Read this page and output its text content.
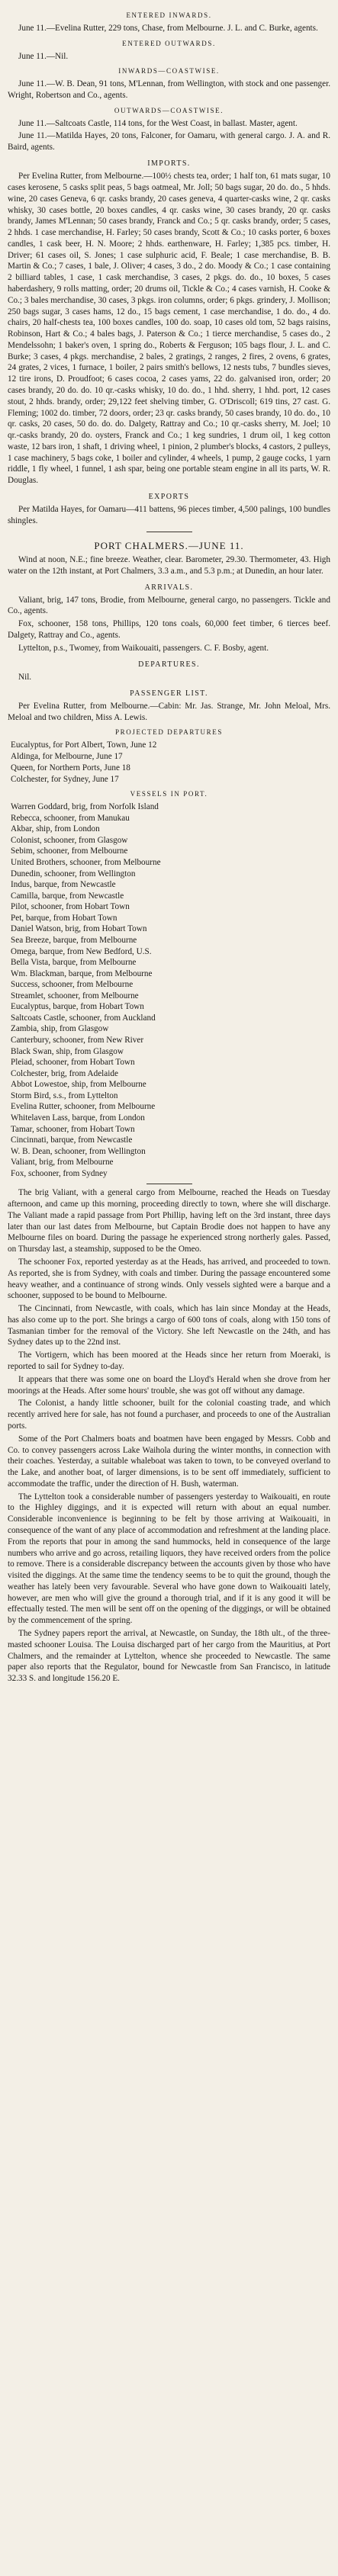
ENTERED INWARDS.

June 11.—Evelina Rutter, 229 tons, Chase, from Melbourne. J. L. and C. Burke, agents.

ENTERED OUTWARDS.

June 11.—Nil.

INWARDS—COASTWISE.

June 11.—W. B. Dean, 91 tons, M'Lennan, from Wellington, with stock and one passenger. Wright, Robertson and Co., agents.

OUTWARDS—COASTWISE.

June 11.—Saltcoats Castle, 114 tons, for the West Coast, in ballast. Master, agent.

June 11.—Matilda Hayes, 20 tons, Falconer, for Oamaru, with general cargo. J. A. and R. Baird, agents.

IMPORTS.

Per Evelina Rutter, from Melbourne.—100½ chests tea, order; 1 half ton, 61 mats sugar, 10 cases kerosene, 5 casks split peas, 5 bags oatmeal, Mr. Joll; 50 bags sugar, 20 do. do., 5 hhds. wine, 20 cases Geneva, 6 qr. casks brandy, 20 cases geneva, 4 quarter-casks wine, 2 qr. casks whisky, 30 cases bottle, 20 boxes candles, 4 qr. casks wine, 30 cases brandy, 20 qr. casks brandy, James M'Lennan; 50 cases brandy, Franck and Co.; 5 qr. casks brandy, order; 5 cases, 2 hhds. 1 case merchandise, H. Farley; 50 cases brandy, Scott & Co.; 10 casks porter, 6 boxes candles, 1 cask beer, H. N. Moore; 2 hhds. earthenware, H. Farley; 1,385 pcs. timber, H. Driver; 61 cases oil, S. Jones; 1 case sulphuric acid, F. Beale; 1 case merchandise, B. B. Martin & Co.; 7 cases, 1 bale, J. Oliver; 4 cases, 3 do., 2 do. Moody & Co.; 1 case containing 2 billiard tables, 1 case, 1 cask merchandise, 3 cases, 2 pkgs. do. do., 10 boxes, 5 cases haberdashery, 9 rolls matting, order; 20 drums oil, Tickle & Co.; 4 cases varnish, H. Cooke & Co.; 3 bales merchandise, 30 cases, 3 pkgs. iron columns, order; 6 pkgs. grindery, J. Mollison; 250 bags sugar, 3 cases hams, 12 do., 15 bags cement, 1 case merchandise, 1 do. do., 4 do. chairs, 20 half-chests tea, 100 boxes candles, 100 do. soap, 10 cases old tom, 52 bags raisins, Robinson, Hart & Co.; 4 bales bags, J. Paterson & Co.; 1 tierce merchandise, 5 cases do., 2 Mendelssohn; 1 baker's oven, 1 spring do., Roberts & Ferguson; 105 bags flour, J. L. and C. Burke; 3 cases, 4 pkgs. merchandise, 2 bales, 2 gratings, 2 ranges, 2 fires, 2 ovens, 6 grates, 24 grates, 2 vices, 1 furnace, 1 boiler, 2 pairs smith's bellows, 12 nests tubs, 7 bundles sieves, 12 tire irons, D. Proudfoot; 6 cases cocoa, 2 cases yams, 22 do. galvanised iron, order; 20 cases brandy, 20 do. do. 10 qr.-casks whisky, 10 do. do., 1 hhd. sherry, 1 hhd. port, 12 cases stout, 2 hhds. brandy, order; 29,122 feet shelving timber, G. O'Driscoll; 619 tins, 27 cast. G. Fleming; 1002 do. timber, 72 doors, order; 23 qr. casks brandy, 50 cases brandy, 10 do. do., 10 qr. casks, 20 cases, 50 do. do. do. Dalgety, Rattray and Co.; 10 qr.-casks sherry, M. Joel; 10 qr.-casks brandy, 20 do. oysters, Franck and Co.; 1 keg sundries, 1 drum oil, 1 keg cotton waste, 12 bars iron, 1 shaft, 1 driving wheel, 1 pinion, 2 plumber's blocks, 4 castors, 2 pulleys, 1 case machinery, 5 bags coke, 1 boiler and cylinder, 4 wheels, 1 pump, 2 gauge cocks, 1 yarn riddle, 1 fly wheel, 1 funnel, 1 ash spar, being one portable steam engine in all its parts, W. R. Douglas.

EXPORTS

Per Matilda Hayes, for Oamaru—411 battens, 96 pieces timber, 4,500 palings, 100 bundles shingles.

PORT CHALMERS.—JUNE 11.

Wind at noon, N.E.; fine breeze. Weather, clear. Barometer, 29.30. Thermometer, 43. High water on the 12th instant, at Port Chalmers, 3.3 a.m., and 5.3 p.m.; at Dunedin, an hour later.

ARRIVALS.

Valiant, brig, 147 tons, Brodie, from Melbourne, general cargo, no passengers. Tickle and Co., agents.

Fox, schooner, 158 tons, Phillips, 120 tons coals, 60,000 feet timber, 6 tierces beef. Dalgety, Rattray and Co., agents.

Lyttelton, p.s., Twomey, from Waikouaiti, passengers. C. F. Bosby, agent.

DEPARTURES.

Nil.

PASSENGER LIST.

Per Evelina Rutter, from Melbourne.—Cabin: Mr. Jas. Strange, Mr. John Meloal, Mrs. Meloal and two children, Miss A. Lewis.

PROJECTED DEPARTURES
Eucalyptus, for Port Albert, Town, June 12
Aldinga, for Melbourne, June 17
Queen, for Northern Ports, June 18
Colchester, for Sydney, June 17
VESSELS IN PORT.
Warren Goddard, brig, from Norfolk Island
Rebecca, schooner, from Manukau
Akbar, ship, from London
Colonist, schooner, from Glasgow
Sebim, schooner, from Melbourne
United Brothers, schooner, from Melbourne
Dunedin, schooner, from Wellington
Indus, barque, from Newcastle
Camilla, barque, from Newcastle
Pilot, schooner, from Hobart Town
Pet, barque, from Hobart Town
Daniel Watson, brig, from Hobart Town
Sea Breeze, barque, from Melbourne
Omega, barque, from New Bedford, U.S.
Bella Vista, barque, from Melbourne
Wm. Blackman, barque, from Melbourne
Success, schooner, from Melbourne
Streamlet, schooner, from Melbourne
Eucalyptus, barque, from Hobart Town
Saltcoats Castle, schooner, from Auckland
Zambia, ship, from Glasgow
Canterbury, schooner, from New River
Black Swan, ship, from Glasgow
Pleiad, schooner, from Hobart Town
Colchester, brig, from Adelaide
Abbot Lowestoe, ship, from Melbourne
Storm Bird, s.s., from Lyttelton
Evelina Rutter, schooner, from Melbourne
Whitelaven Lass, barque, from London
Tamar, schooner, from Hobart Town
Cincinnati, barque, from Newcastle
W. B. Dean, schooner, from Wellington
Valiant, brig, from Melbourne
Fox, schooner, from Sydney

The brig Valiant, with a general cargo from Melbourne, reached the Heads on Tuesday afternoon, and came up this morning, proceeding directly to town, where she will discharge. The Valiant made a rapid passage from Port Phillip, having left on the 3rd instant, three days later than our last dates from Melbourne, but Captain Brodie does not happen to have any Melbourne files on board. During the passage he experienced strong northerly gales. Passed, on Thursday last, a steamship, supposed to be the Omeo.

The schooner Fox, reported yesterday as at the Heads, has arrived, and proceeded to town. As reported, she is from Sydney, with coals and timber. During the passage encountered some heavy weather, and a continuance of strong winds. Only vessels sighted were a barque and a schooner, supposed to be bound to Melbourne.

The Cincinnati, from Newcastle, with coals, which has lain since Monday at the Heads, has also come up to the port. She brings a cargo of 600 tons of coals, along with 150 tons of Tasmanian timber for the removal of the Victory. She left Newcastle on the 24th, and has Sydney dates up to the 22nd inst.

The Vortigern, which has been moored at the Heads since her return from Moeraki, is reported to sail for Sydney to-day.

It appears that there was some one on board the Lloyd's Herald when she drove from her moorings at the Heads. After some hours' trouble, she was got off without any damage.

The Colonist, a handy little schooner, built for the colonial coasting trade, and which recently arrived here for sale, has not found a purchaser, and proceeds to one of the Australian ports.

Some of the Port Chalmers boats and boatmen have been engaged by Messrs. Cobb and Co. to convey passengers across Lake Waihola during the winter months, in connection with their coaches. Yesterday, a suitable whaleboat was taken to town, to be conveyed overland to the Lake, and another boat, of larger dimensions, is to be sent off immediately, sufficient to accommodate the traffic, under the direction of H. Bush, waterman.

The Lyttelton took a considerable number of passengers yesterday to Waikouaiti, en route to the Highley diggings, and it is expected will return with about an equal number. Considerable inconvenience is beginning to be felt by those arriving at Waikouaiti, in consequence of the want of any place of accommodation and refreshment at the landing place. From the reports that pour in among the sand hummocks, held in consequence of the large numbers who arrive and go across, retailing liquors, they have received orders from the police to remove. There is a considerable discrepancy between the accounts given by those who have visited the diggings. At the same time the tendency seems to be to quit the ground, though the weather has lately been very favourable. Several who have gone down to Waikouaiti lately, however, are men who will give the ground a thorough trial, and if it is any good it will be effectually tested. The men will be sent off on the opening of the diggings, or will be obtained by the commencement of the spring.

The Sydney papers report the arrival, at Newcastle, on Sunday, the 18th ult., of the three-masted schooner Louisa. The Louisa discharged part of her cargo from the Mauritius, at Port Chalmers, and the remainder at Lyttelton, whence she proceeded to Newcastle. The same paper also reports that the Regulator, bound for Newcastle from San Francisco, in latitude 32.33 S. and longitude 156.20 E.
